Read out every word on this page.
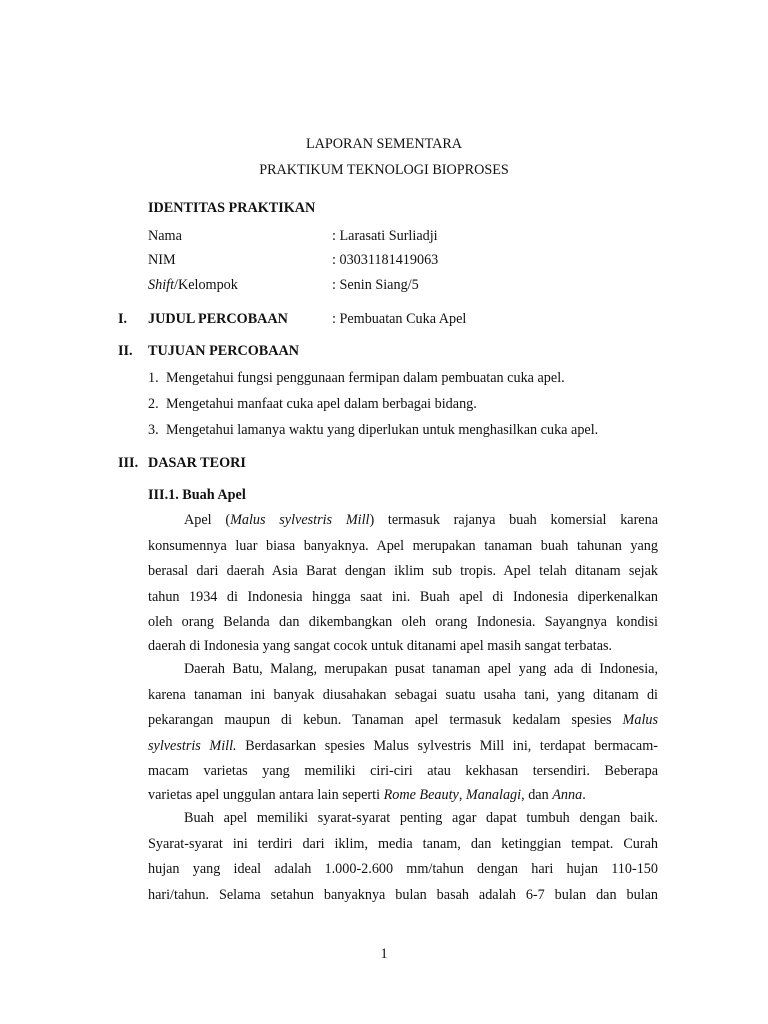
LAPORAN SEMENTARA
PRAKTIKUM TEKNOLOGI BIOPROSES
IDENTITAS PRAKTIKAN
Nama	: Larasati Surliadji
NIM	: 03031181419063
Shift/Kelompok	: Senin Siang/5
I. JUDUL PERCOBAAN	: Pembuatan Cuka Apel
II. TUJUAN PERCOBAAN
1. Mengetahui fungsi penggunaan fermipan dalam pembuatan cuka apel.
2. Mengetahui manfaat cuka apel dalam berbagai bidang.
3. Mengetahui lamanya waktu yang diperlukan untuk menghasilkan cuka apel.
III. DASAR TEORI
III.1. Buah Apel
Apel (Malus sylvestris Mill) termasuk rajanya buah komersial karena
konsumennya luar biasa banyaknya. Apel merupakan tanaman buah tahunan yang
berasal dari daerah Asia Barat dengan iklim sub tropis. Apel telah ditanam sejak
tahun 1934 di Indonesia hingga saat ini. Buah apel di Indonesia diperkenalkan
oleh orang Belanda dan dikembangkan oleh orang Indonesia. Sayangnya kondisi
daerah di Indonesia yang sangat cocok untuk ditanami apel masih sangat terbatas.
Daerah Batu, Malang, merupakan pusat tanaman apel yang ada di Indonesia,
karena tanaman ini banyak diusahakan sebagai suatu usaha tani, yang ditanam di
pekarangan maupun di kebun. Tanaman apel termasuk kedalam spesies Malus
sylvestris Mill. Berdasarkan spesies Malus sylvestris Mill ini, terdapat bermacam-
macam varietas yang memiliki ciri-ciri atau kekhasan tersendiri. Beberapa
varietas apel unggulan antara lain seperti Rome Beauty, Manalagi, dan Anna.
Buah apel memiliki syarat-syarat penting agar dapat tumbuh dengan baik.
Syarat-syarat ini terdiri dari iklim, media tanam, dan ketinggian tempat. Curah
hujan yang ideal adalah 1.000-2.600 mm/tahun dengan hari hujan 110-150
hari/tahun. Selama setahun banyaknya bulan basah adalah 6-7 bulan dan bulan
1
